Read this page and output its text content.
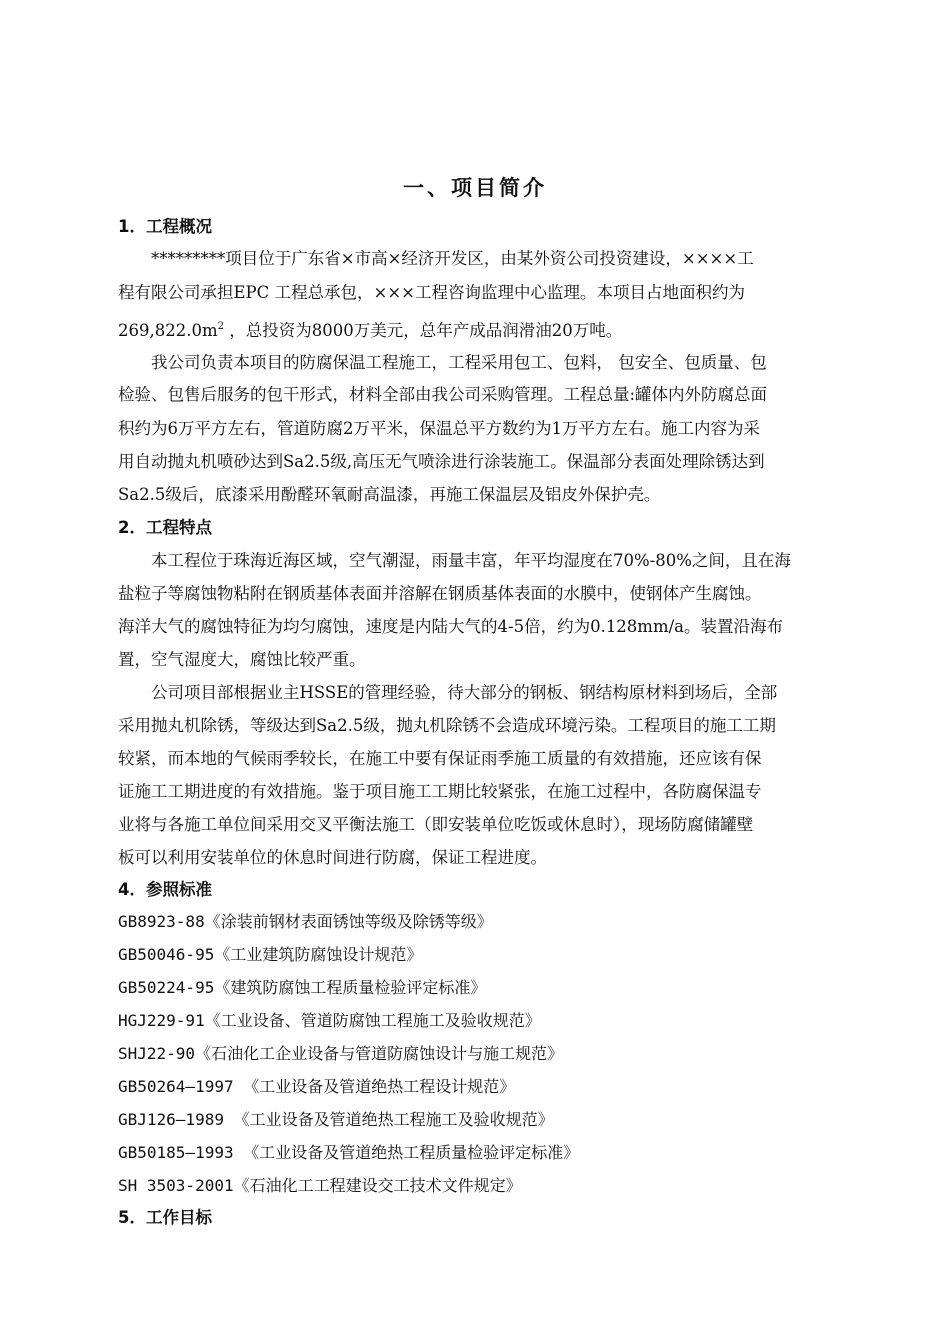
一、项目简介
1．工程概况
*********项目位于广东省×市高×经济开发区，由某外资公司投资建设，××××工
程有限公司承担EPC 工程总承包，×××工程咨询监理中心监理。本项目占地面积约为
$269,822.0m^2$ ，总投资为8000万美元，总年产成品润滑油20万吨。
我公司负责本项目的防腐保温工程施工，工程采用包工、包料， 包安全、包质量、包
检验、包售后服务的包干形式，材料全部由我公司采购管理。工程总量:罐体内外防腐总面
积约为6万平方左右，管道防腐2万平米，保温总平方数约为1万平方左右。施工内容为采
用自动抛丸机喷砂达到Sa2.5级,高压无气喷涂进行涂装施工。保温部分表面处理除锈达到
Sa2.5级后，底漆采用酚醛环氧耐高温漆，再施工保温层及铝皮外保护壳。
2．工程特点
本工程位于珠海近海区域，空气潮湿，雨量丰富，年平均湿度在70%-80%之间，且在海
盐粒子等腐蚀物粘附在钢质基体表面并溶解在钢质基体表面的水膜中，使钢体产生腐蚀。
海洋大气的腐蚀特征为均匀腐蚀，速度是内陆大气的4-5倍，约为0.128mm/a。装置沿海布
置，空气湿度大，腐蚀比较严重。
公司项目部根据业主HSSE的管理经验，待大部分的钢板、钢结构原材料到场后，全部
采用抛丸机除锈，等级达到Sa2.5级，抛丸机除锈不会造成环境污染。工程项目的施工工期
较紧，而本地的气候雨季较长，在施工中要有保证雨季施工质量的有效措施，还应该有保
证施工工期进度的有效措施。鉴于项目施工工期比较紧张，在施工过程中，各防腐保温专
业将与各施工单位间采用交叉平衡法施工（即安装单位吃饭或休息时），现场防腐储罐壁
板可以利用安装单位的休息时间进行防腐，保证工程进度。
4．参照标准
GB8923-88《涂装前钢材表面锈蚀等级及除锈等级》
GB50046-95《工业建筑防腐蚀设计规范》
GB50224-95《建筑防腐蚀工程质量检验评定标准》
HGJ229-91《工业设备、管道防腐蚀工程施工及验收规范》
SHJ22-90《石油化工企业设备与管道防腐蚀设计与施工规范》
GB50264—1997 《工业设备及管道绝热工程设计规范》
GBJ126—1989 《工业设备及管道绝热工程施工及验收规范》
GB50185—1993 《工业设备及管道绝热工程质量检验评定标准》
SH 3503-2001《石油化工工程建设交工技术文件规定》
5．工作目标
